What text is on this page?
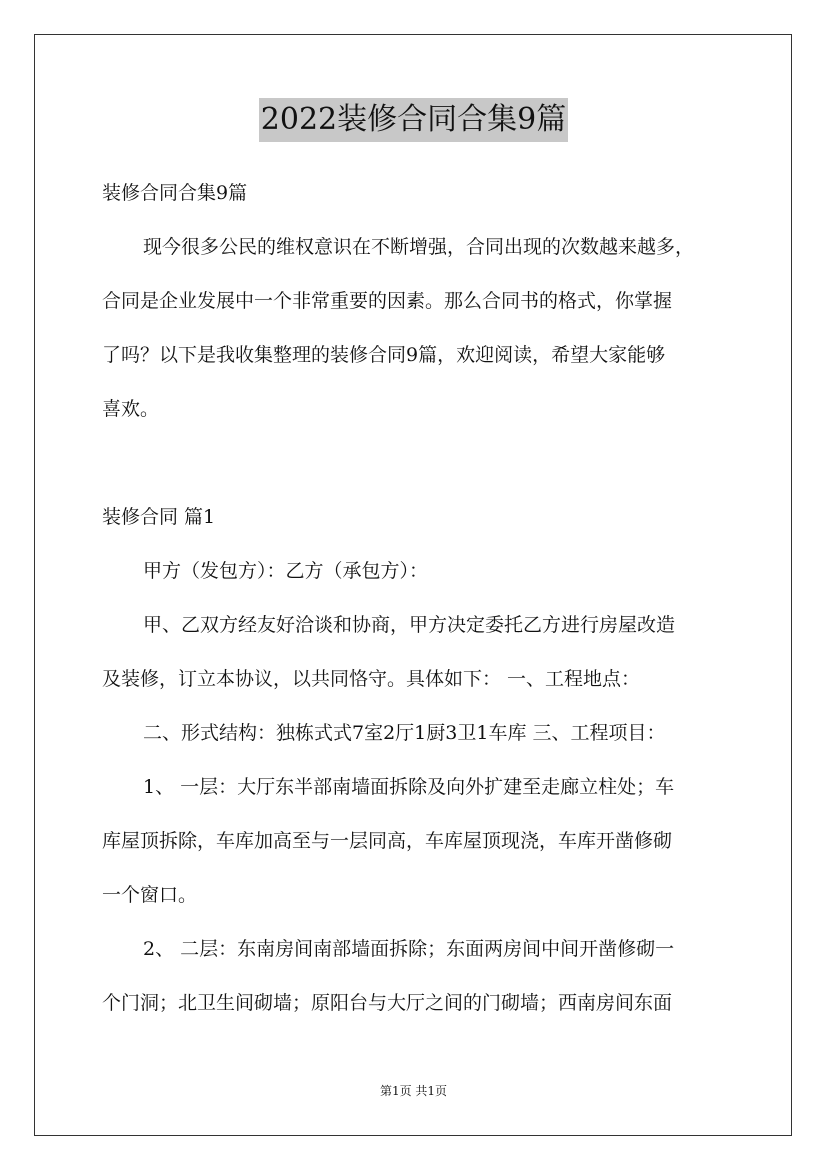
2022装修合同合集9篇
装修合同合集9篇
现今很多公民的维权意识在不断增强，合同出现的次数越来越多，
合同是企业发展中一个非常重要的因素。那么合同书的格式，你掌握
了吗？以下是我收集整理的装修合同9篇，欢迎阅读，希望大家能够
喜欢。
装修合同 篇1
甲方（发包方）：乙方（承包方）：
甲、乙双方经友好洽谈和协商，甲方决定委托乙方进行房屋改造
及装修，订立本协议，以共同恪守。具体如下： 一、工程地点：
二、形式结构：独栋式式7室2厅1厨3卫1车库 三、工程项目：
1、 一层：大厅东半部南墙面拆除及向外扩建至走廊立柱处；车
库屋顶拆除，车库加高至与一层同高，车库屋顶现浇，车库开凿修砌
一个窗口。
2、 二层：东南房间南部墙面拆除；东面两房间中间开凿修砌一
个门洞；北卫生间砌墙；原阳台与大厅之间的门砌墙；西南房间东面
第1页 共1页
